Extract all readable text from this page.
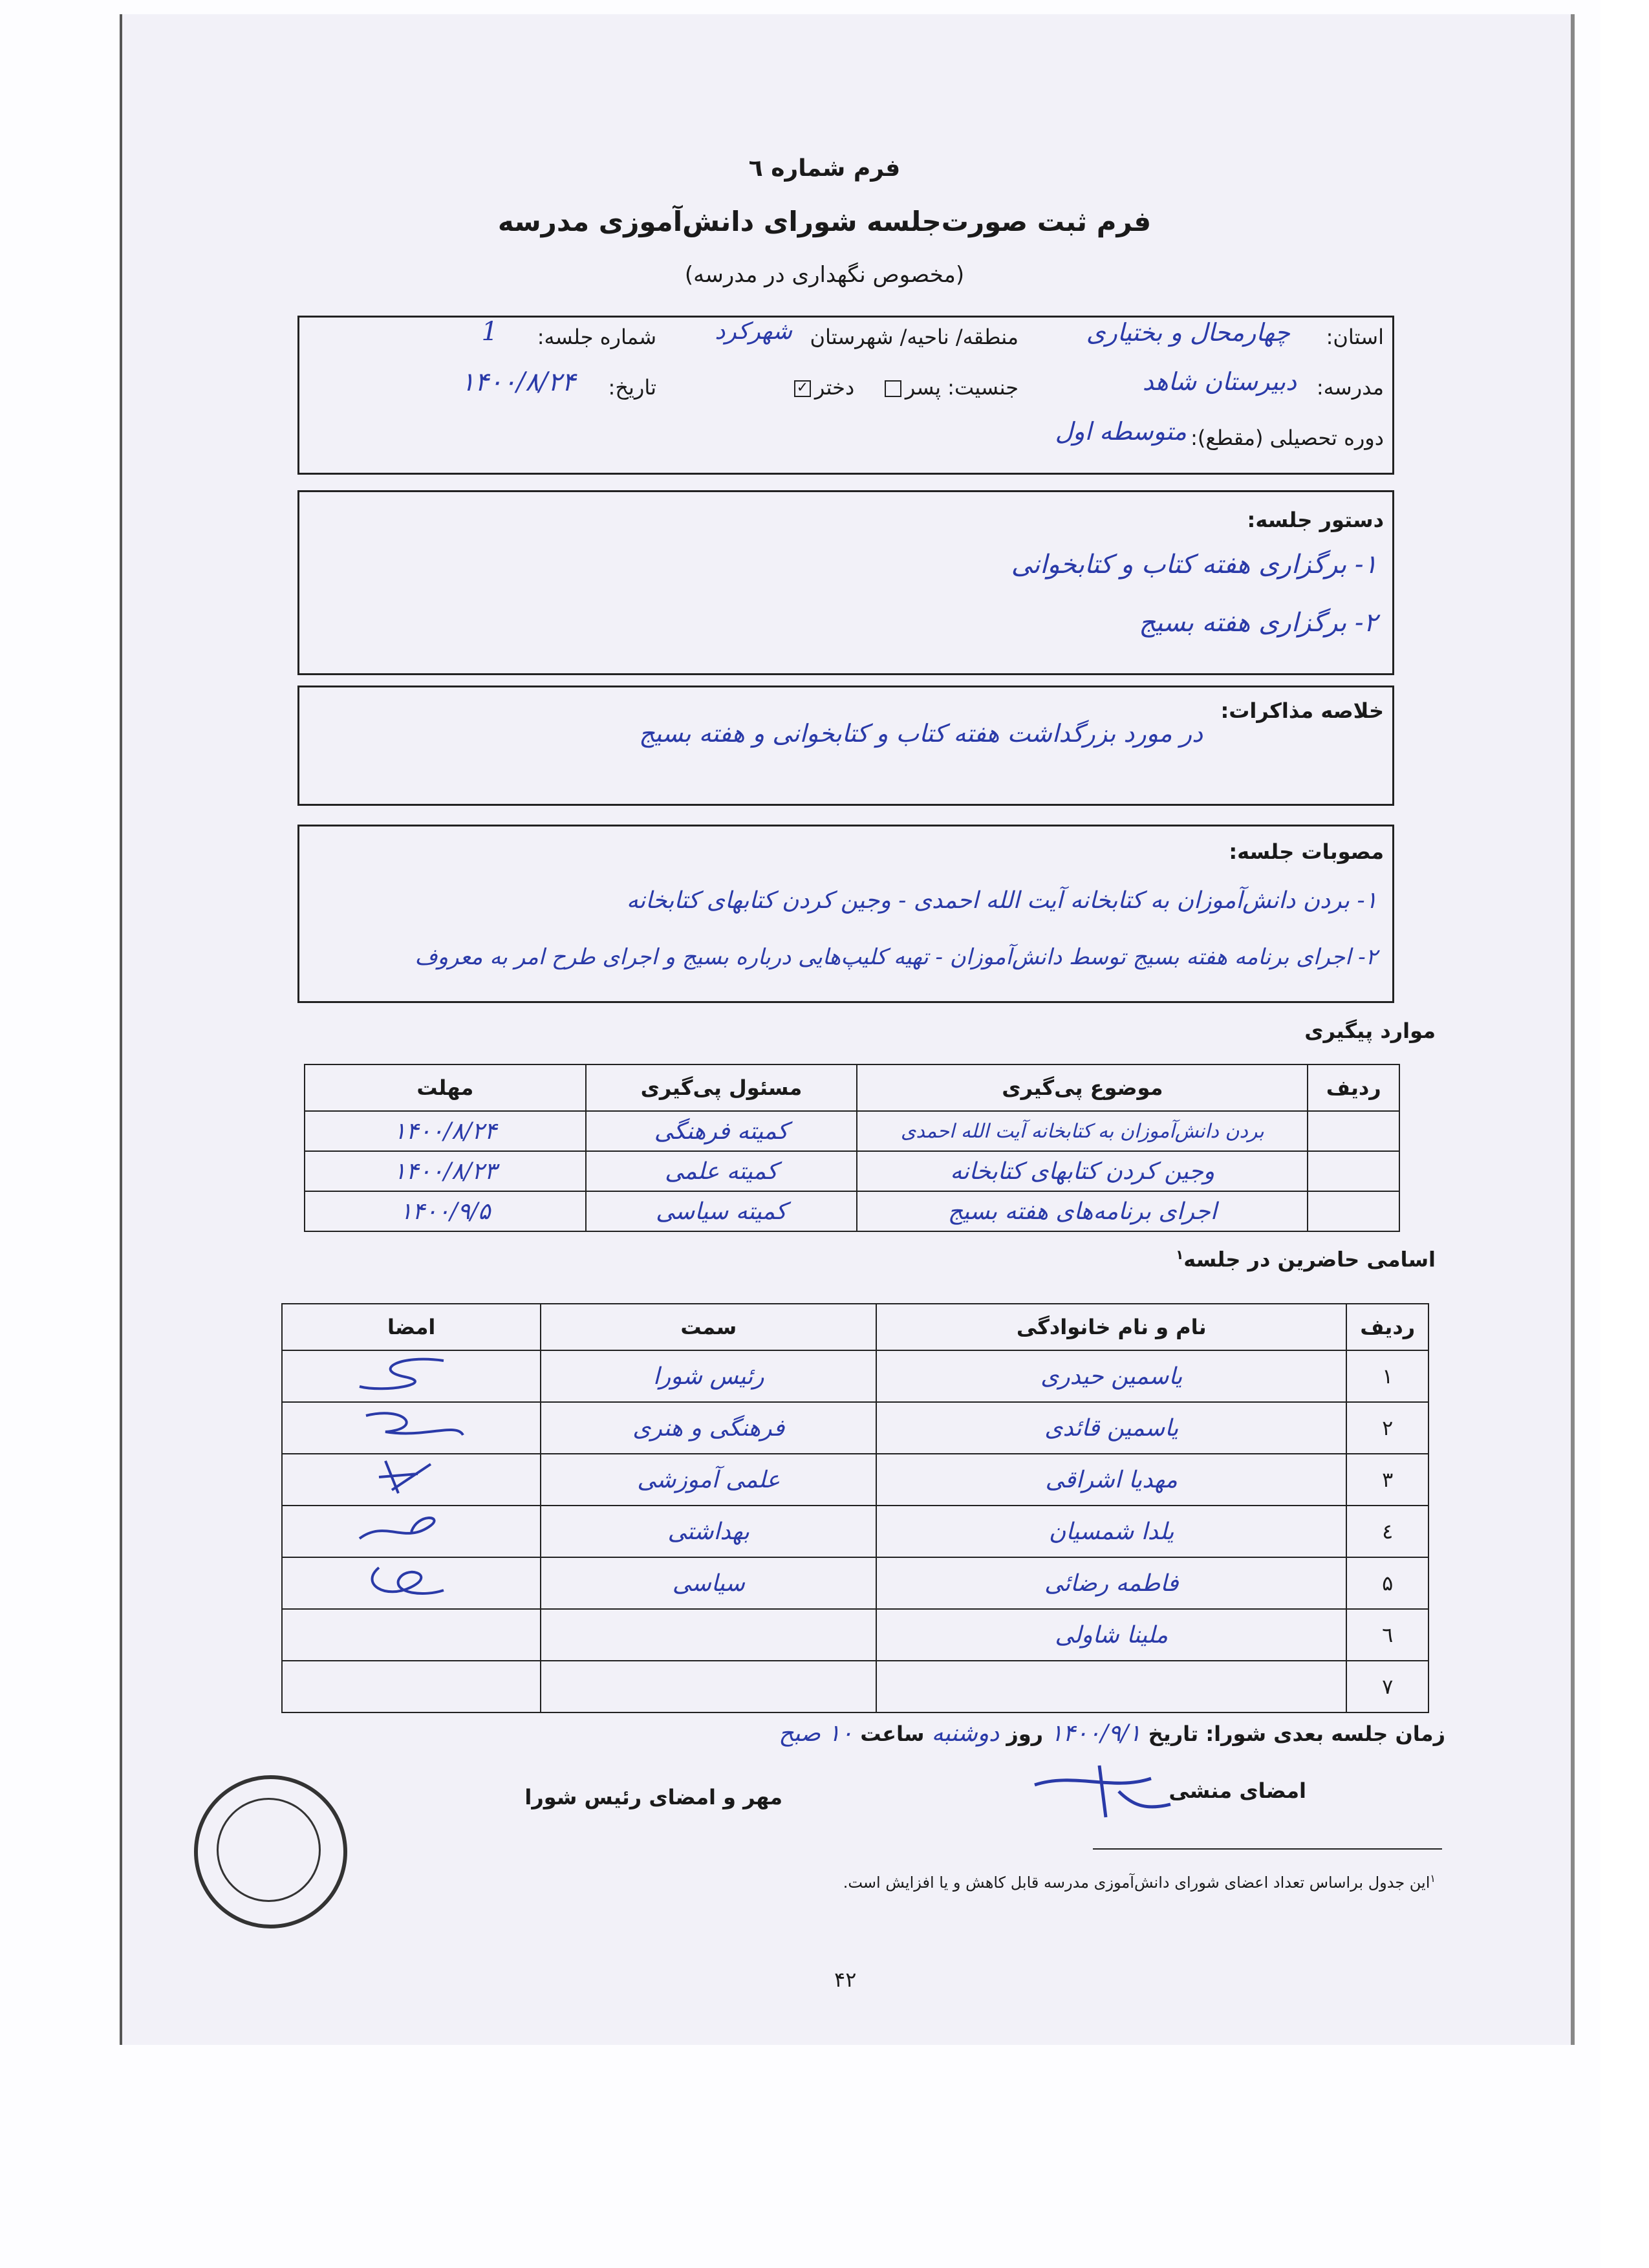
فرم شماره ٦
فرم ثبت صورت‌جلسه شورای دانش‌آموزی مدرسه
(مخصوص نگهداری در مدرسه)
استان:
چهارمحال و بختیاری
منطقه/ ناحیه/ شهرستان
شهرکرد
شماره جلسه:
1
مدرسه:
دبیرستان شاهد
جنسیت: پسر    دختر✓
تاریخ:
۱۴۰۰/۸/۲۴
دوره تحصیلی (مقطع):
متوسطه اول
دستور جلسه:
۱- برگزاری هفته کتاب و کتابخوانی
۲- برگزاری هفته بسیج
خلاصه مذاکرات:
در مورد بزرگداشت هفته کتاب و کتابخوانی و هفته بسیج
مصوبات جلسه:
۱- بردن دانش‌آموزان به کتابخانه آیت الله احمدی - وجین کردن کتابهای کتابخانه
۲- اجرای برنامه هفته بسیج توسط دانش‌آموزان - تهیه کلیپ‌هایی درباره بسیج و اجرای طرح امر به معروف
موارد پیگیری
ردیف	موضوع پی‌گیری	مسئول پی‌گیری	مهلت
	بردن دانش‌آموزان به کتابخانه آیت الله احمدی	کمیته فرهنگی	۱۴۰۰/۸/۲۴
	وجین کردن کتابهای کتابخانه	کمیته علمی	۱۴۰۰/۸/۲۳
	اجرای برنامه‌های هفته بسیج	کمیته سیاسی	۱۴۰۰/۹/۵
اسامی حاضرین در جلسه$^۱$
ردیف	نام و نام خانوادگی	سمت	امضا
۱	یاسمین حیدری	رئیس شورا	
۲	یاسمین قائدی	فرهنگی و هنری	
۳	مهدیا اشراقی	علمی آموزشی	
٤	یلدا شمسیان	بهداشتی	
۵	فاطمه رضائی	سیاسی	
٦	ملینا شاولی		
۷			
زمان جلسه بعدی شورا: تاریخ ۱۴۰۰/۹/۱ روز دوشنبه ساعت ۱۰ صبح
امضای منشی
مهر و امضای رئیس شورا
$^۱$این جدول براساس تعداد اعضای شورای دانش‌آموزی مدرسه قابل کاهش و یا افزایش است.
۴۲
